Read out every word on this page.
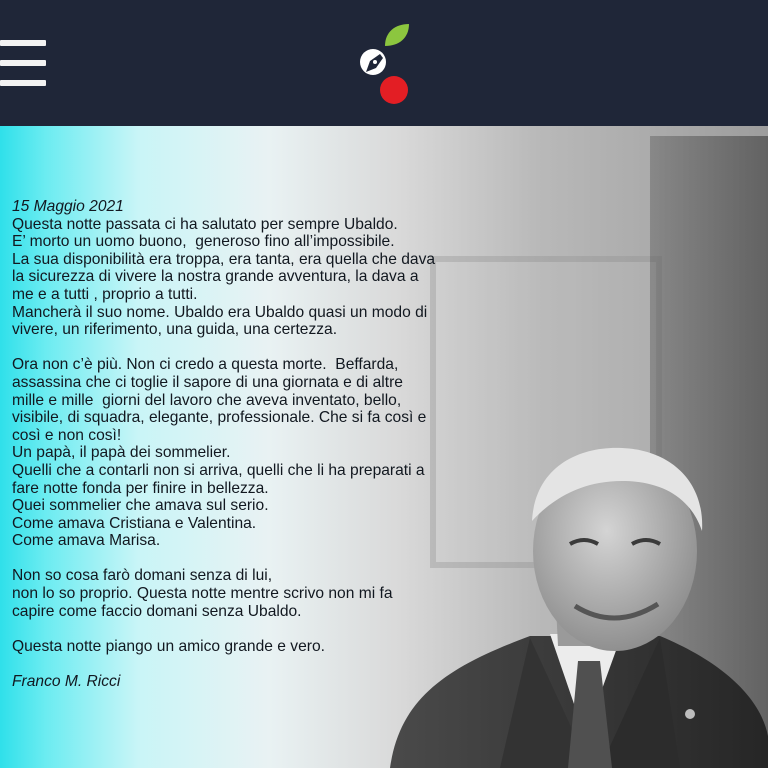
15 Maggio 2021
Questa notte passata ci ha salutato per sempre Ubaldo.
E’ morto un uomo buono,  generoso fino all’impossibile.
La sua disponibilità era troppa, era tanta, era quella che dava
la sicurezza di vivere la nostra grande avventura, la dava a
me e a tutti , proprio a tutti.
Mancherà il suo nome. Ubaldo era Ubaldo quasi un modo di
vivere, un riferimento, una guida, una certezza.
Ora non c’è più. Non ci credo a questa morte.  Beffarda,
assassina che ci toglie il sapore di una giornata e di altre
mille e mille  giorni del lavoro che aveva inventato, bello,
visibile, di squadra, elegante, professionale. Che si fa così e
così e non così!
Un papà, il papà dei sommelier.
Quelli che a contarli non si arriva, quelli che li ha preparati a
fare notte fonda per finire in bellezza.
Quei sommelier che amava sul serio.
Come amava Cristiana e Valentina.
Come amava Marisa.
Non so cosa farò domani senza di lui,
non lo so proprio. Questa notte mentre scrivo non mi fa
capire come faccio domani senza Ubaldo.
Questa notte piango un amico grande e vero.
Franco M. Ricci
